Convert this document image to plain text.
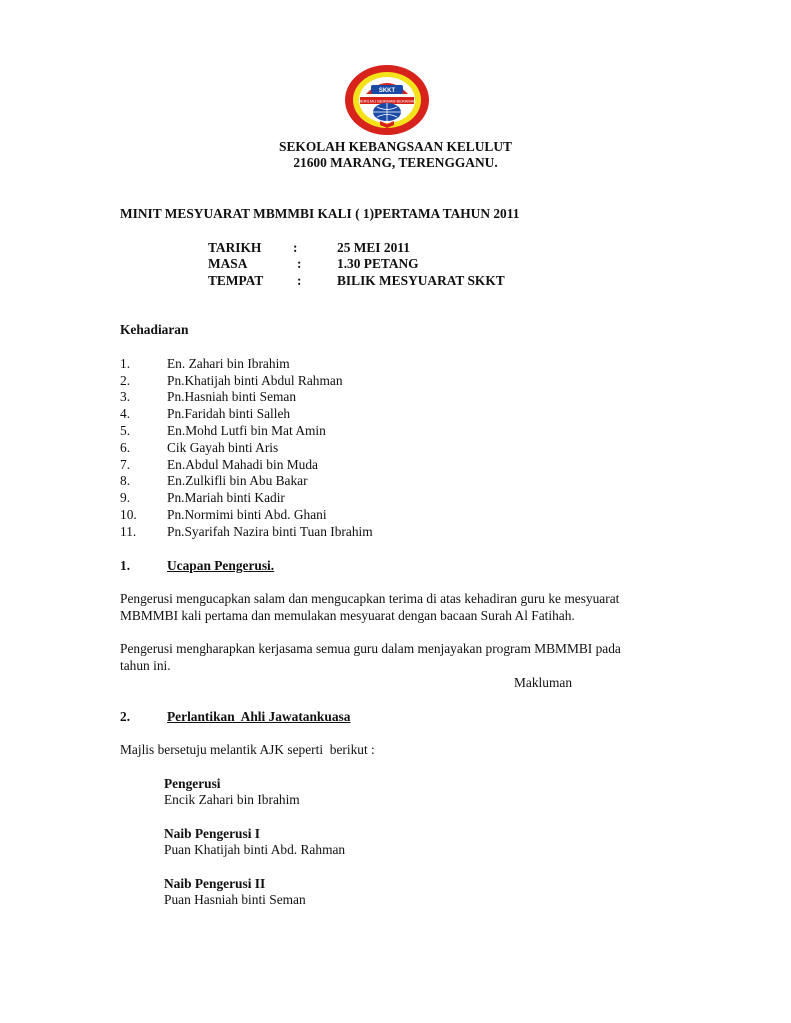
SKKT
BERILMU BERIMAN BERAMAL
SEKOLAH KEBANGSAAN KELULUT
21600 MARANG, TERENGGANU.
MINIT MESYUARAT MBMMBI KALI ( 1)PERTAMA TAHUN 2011
TARIKH :	25 MEI 2011
MASA	:	1.30 PETANG
TEMPAT	:	BILIK MESYUARAT SKKT
Kehadiaran
1.	En. Zahari bin Ibrahim
2.	Pn.Khatijah binti Abdul Rahman
3.	Pn.Hasniah binti Seman
4.	Pn.Faridah binti Salleh
5.	En.Mohd Lutfi bin Mat Amin
6.	Cik Gayah binti Aris
7.	En.Abdul Mahadi bin Muda
8.	En.Zulkifli bin Abu Bakar
9.	Pn.Mariah binti Kadir
10. Pn.Normimi binti Abd. Ghani
11. Pn.Syarifah Nazira binti Tuan Ibrahim
1.	Ucapan Pengerusi.
Pengerusi mengucapkan salam dan mengucapkan terima di atas kehadiran guru ke mesyuarat
MBMMBI kali pertama dan memulakan mesyuarat dengan bacaan Surah Al Fatihah.
Pengerusi mengharapkan kerjasama semua guru dalam menjayakan program MBMMBI pada
tahun ini.
Makluman
2.	Perlantikan  Ahli Jawatankuasa
Majlis bersetuju melantik AJK seperti  berikut :
Pengerusi
Encik Zahari bin Ibrahim
Naib Pengerusi I
Puan Khatijah binti Abd. Rahman
Naib Pengerusi II
Puan Hasniah binti Seman
